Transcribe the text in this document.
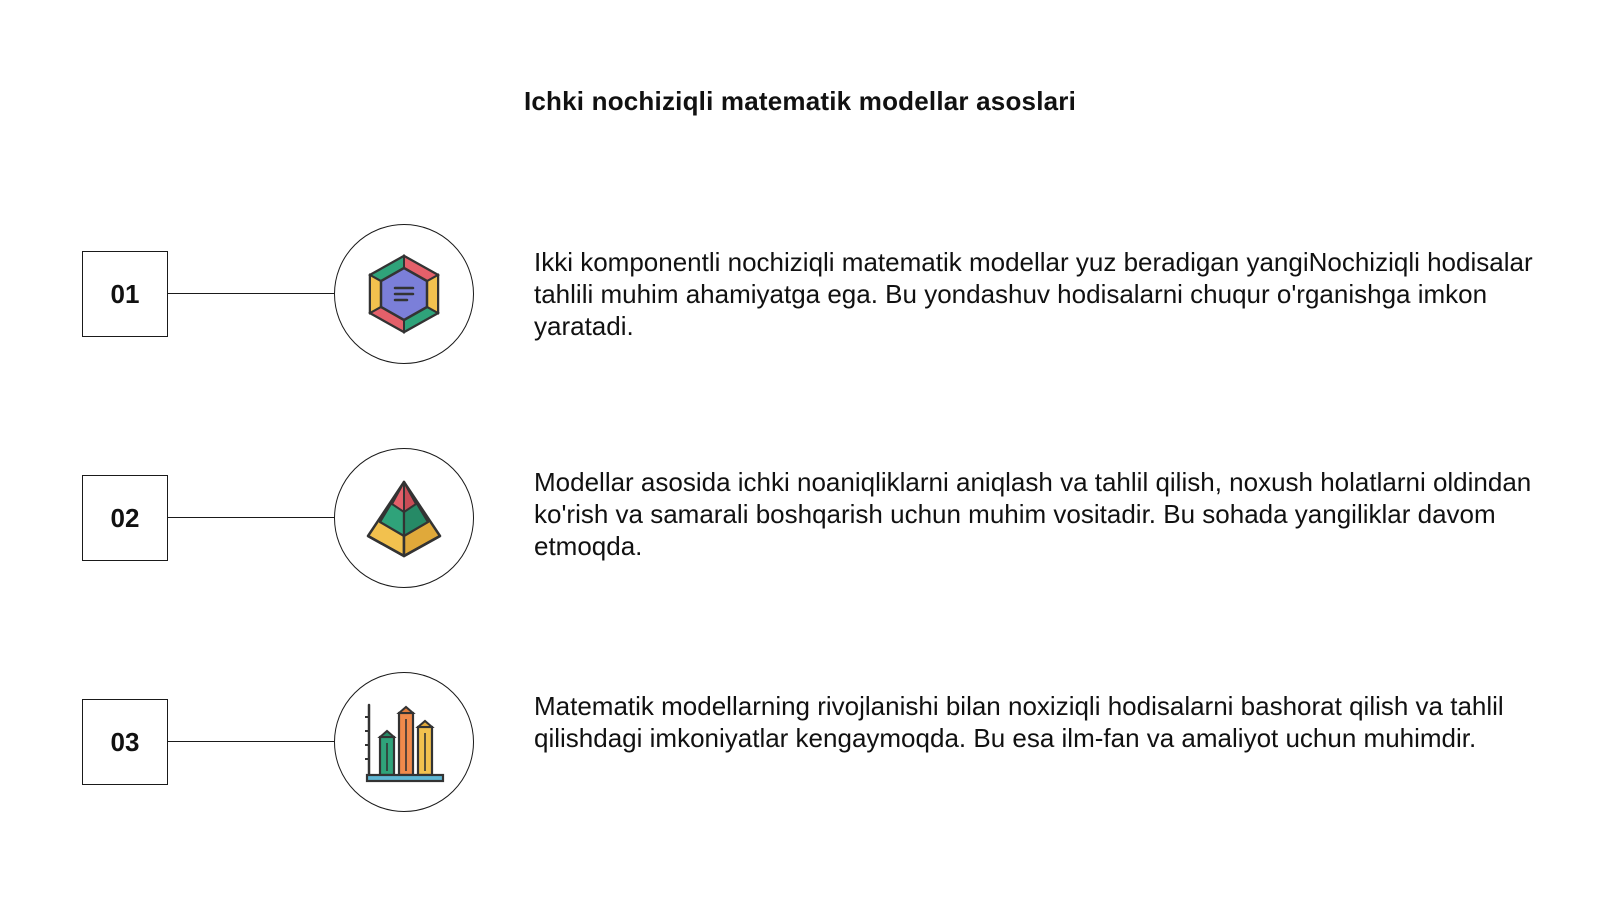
Ichki nochiziqli matematik modellar asoslari
01
Ikki komponentli nochiziqli matematik modellar yuz beradigan yangiNochiziqli hodisalar tahlili muhim ahamiyatga ega. Bu yondashuv hodisalarni chuqur o'rganishga imkon yaratadi.
02
Modellar asosida ichki noaniqliklarni aniqlash va tahlil qilish, noxush holatlarni oldindan ko'rish va samarali boshqarish uchun muhim vositadir. Bu sohada yangiliklar davom etmoqda.
03
Matematik modellarning rivojlanishi bilan noxiziqli hodisalarni bashorat qilish va tahlil qilishdagi imkoniyatlar kengaymoqda. Bu esa ilm-fan va amaliyot uchun muhimdir.
